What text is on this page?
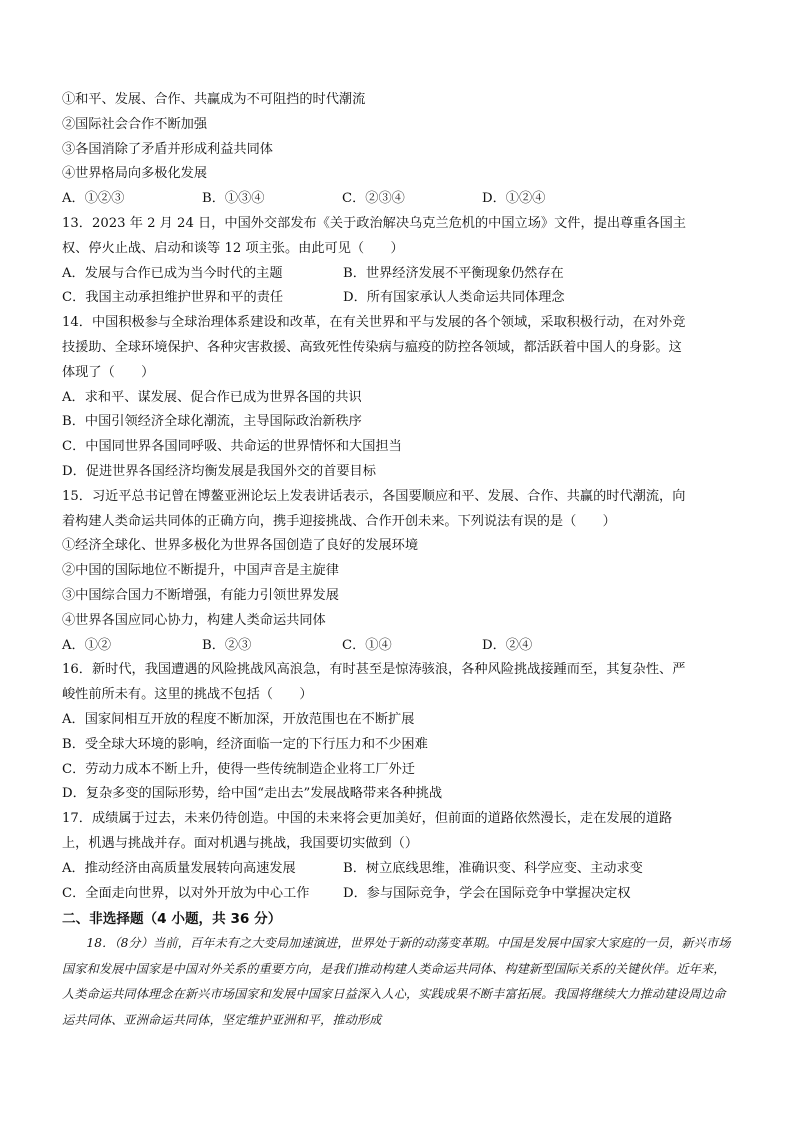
①和平、发展、合作、共赢成为不可阻挡的时代潮流
②国际社会合作不断加强
③各国消除了矛盾并形成利益共同体
④世界格局向多极化发展
A．①②③	B．①③④	C．②③④	D．①②④
13．2023 年 2 月 24 日，中国外交部发布《关于政治解决乌克兰危机的中国立场》文件，提出尊重各国主
权、停火止战、启动和谈等 12 项主张。由此可见（　　）
A．发展与合作已成为当今时代的主题	B．世界经济发展不平衡现象仍然存在
C．我国主动承担维护世界和平的责任	D．所有国家承认人类命运共同体理念
14．中国积极参与全球治理体系建设和改革，在有关世界和平与发展的各个领域，采取积极行动，在对外竞
技援助、全球环境保护、各种灾害救援、高致死性传染病与瘟疫的防控各领域，都活跃着中国人的身影。这
体现了（　　）
A．求和平、谋发展、促合作已成为世界各国的共识
B．中国引领经济全球化潮流，主导国际政治新秩序
C．中国同世界各国同呼吸、共命运的世界情怀和大国担当
D．促进世界各国经济均衡发展是我国外交的首要目标
15．习近平总书记曾在博鳌亚洲论坛上发表讲话表示，各国要顺应和平、发展、合作、共赢的时代潮流，向
着构建人类命运共同体的正确方向，携手迎接挑战、合作开创未来。下列说法有误的是（　　）
①经济全球化、世界多极化为世界各国创造了良好的发展环境
②中国的国际地位不断提升，中国声音是主旋律
③中国综合国力不断增强，有能力引领世界发展
④世界各国应同心协力，构建人类命运共同体
A．①②	B．②③	C．①④	D．②④
16．新时代，我国遭遇的风险挑战风高浪急，有时甚至是惊涛骇浪，各种风险挑战接踵而至，其复杂性、严
峻性前所未有。这里的挑战不包括（　　）
A．国家间相互开放的程度不断加深，开放范围也在不断扩展
B．受全球大环境的影响，经济面临一定的下行压力和不少困难
C．劳动力成本不断上升，使得一些传统制造企业将工厂外迁
D．复杂多变的国际形势，给中国“走出去”发展战略带来各种挑战
17．成绩属于过去，未来仍待创造。中国的未来将会更加美好，但前面的道路依然漫长，走在发展的道路
上，机遇与挑战并存。面对机遇与挑战，我国要切实做到（）
A．推动经济由高质量发展转向高速发展	B．树立底线思维，准确识变、科学应变、主动求变
C．全面走向世界，以对外开放为中心工作	D．参与国际竞争，学会在国际竞争中掌握决定权
二、非选择题（4 小题，共 36 分）
18．（8分）当前，百年未有之大变局加速演进，世界处于新的动荡变革期。中国是发展中国家大家庭的一员，新兴市场国家和发展中国家是中国对外关系的重要方向，是我们推动构建人类命运共同体、构建新型国际关系的关键伙伴。近年来，人类命运共同体理念在新兴市场国家和发展中国家日益深入人心，实践成果不断丰富拓展。我国将继续大力推动建设周边命运共同体、亚洲命运共同体，坚定维护亚洲和平，推动形成
